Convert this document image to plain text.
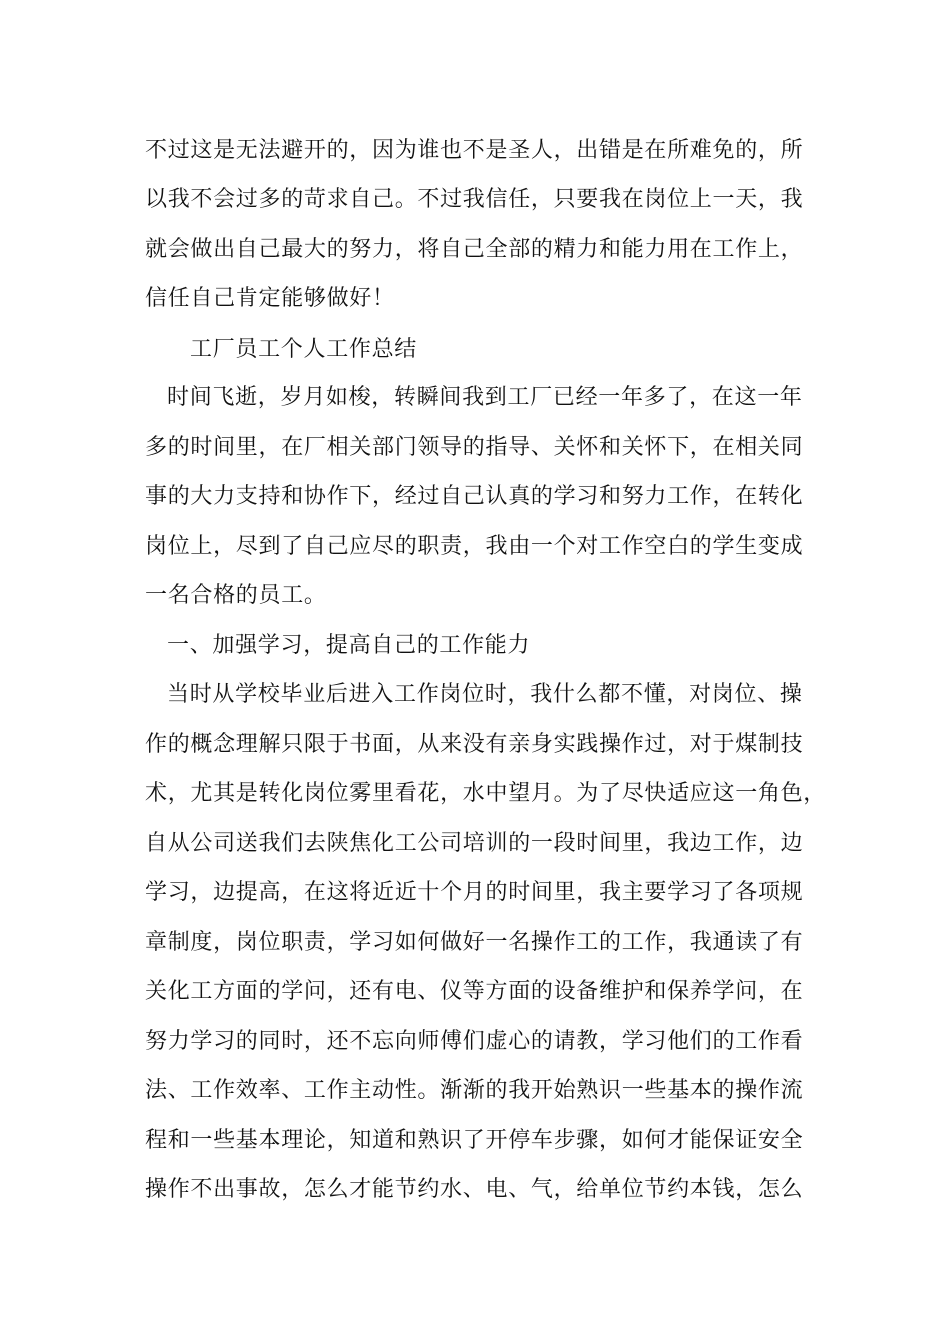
不过这是无法避开的，因为谁也不是圣人，出错是在所难免的，所
以我不会过多的苛求自己。不过我信任，只要我在岗位上一天，我
就会做出自己最大的努力，将自己全部的精力和能力用在工作上，
信任自己肯定能够做好！
工厂员工个人工作总结
时间飞逝，岁月如梭，转瞬间我到工厂已经一年多了，在这一年
多的时间里，在厂相关部门领导的指导、关怀和关怀下，在相关同
事的大力支持和协作下，经过自己认真的学习和努力工作，在转化
岗位上，尽到了自己应尽的职责，我由一个对工作空白的学生变成
一名合格的员工。
一、加强学习，提高自己的工作能力
当时从学校毕业后进入工作岗位时，我什么都不懂，对岗位、操
作的概念理解只限于书面，从来没有亲身实践操作过，对于煤制技
术，尤其是转化岗位雾里看花，水中望月。为了尽快适应这一角色，
自从公司送我们去陕焦化工公司培训的一段时间里，我边工作，边
学习，边提高，在这将近近十个月的时间里，我主要学习了各项规
章制度，岗位职责，学习如何做好一名操作工的工作，我通读了有
关化工方面的学问，还有电、仪等方面的设备维护和保养学问，在
努力学习的同时，还不忘向师傅们虚心的请教，学习他们的工作看
法、工作效率、工作主动性。渐渐的我开始熟识一些基本的操作流
程和一些基本理论，知道和熟识了开停车步骤，如何才能保证安全
操作不出事故，怎么才能节约水、电、气，给单位节约本钱，怎么
